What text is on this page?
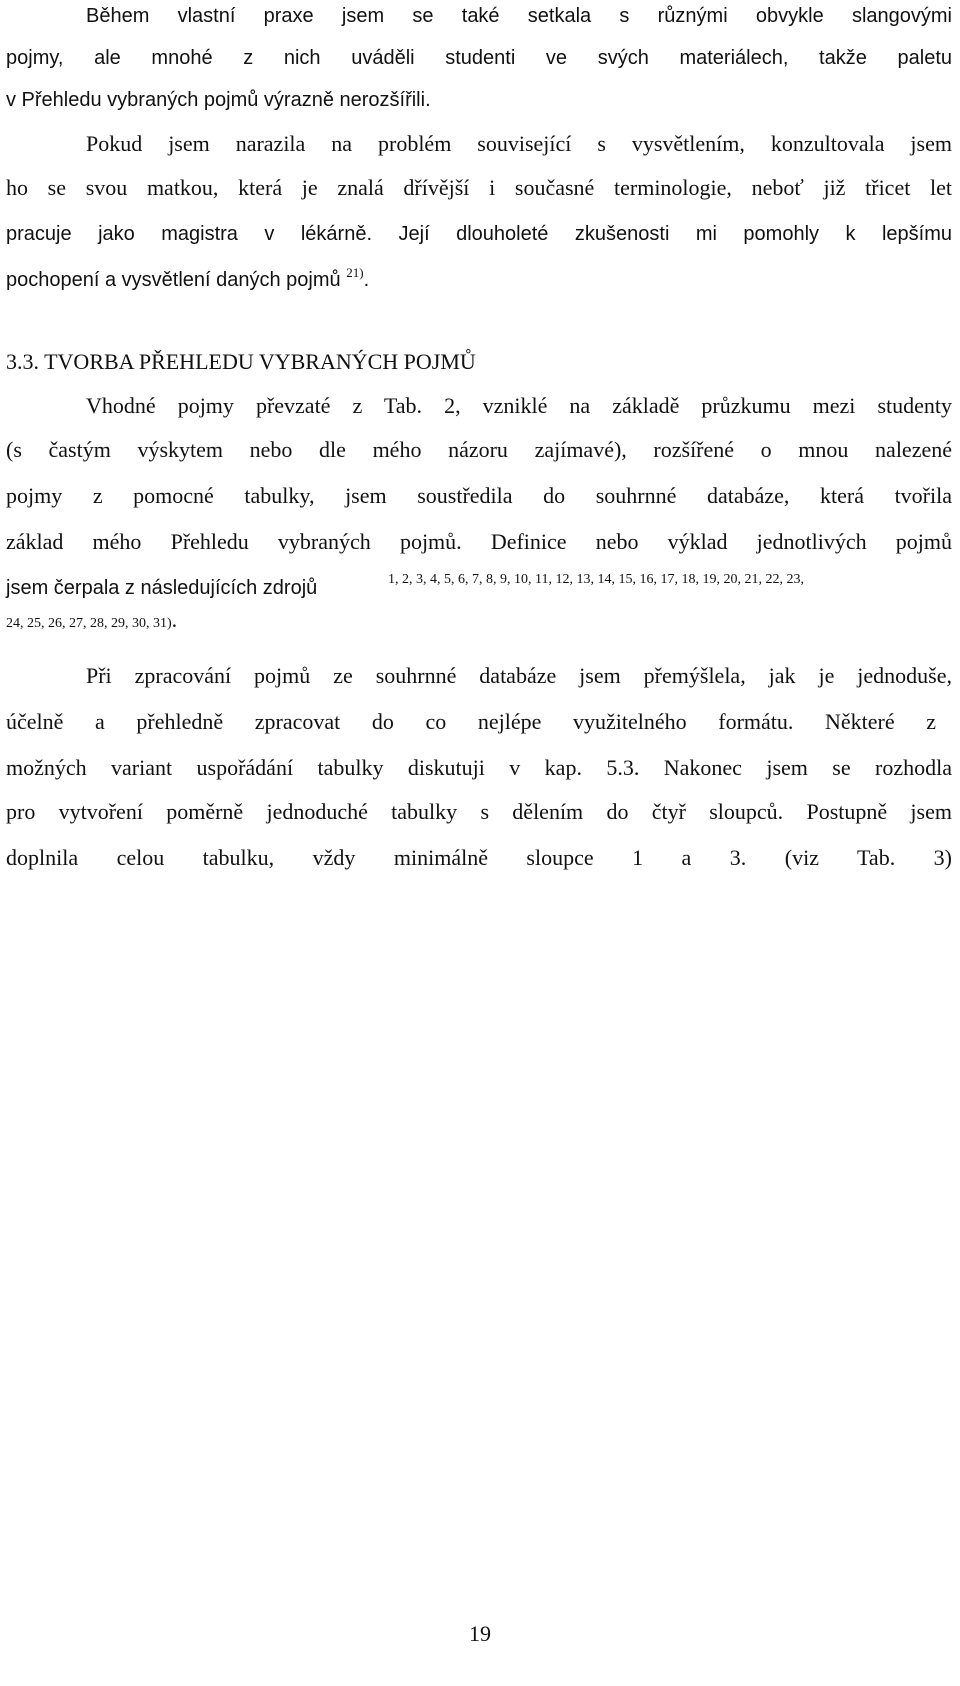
Během vlastní praxe jsem se také setkala s různými obvykle slangovými
pojmy, ale mnohé z nich uváděli studenti ve svých materiálech, takže paletu
v Přehledu vybraných pojmů výrazně nerozšířili.
Pokud jsem narazila na problém související s vysvětlením, konzultovala jsem
ho se svou matkou, která je znalá dřívější i současné terminologie, neboť již třicet let
pracuje jako magistra v lékárně. Její dlouholeté zkušenosti mi pomohly k lepšímu
pochopení a vysvětlení daných pojmů $^{21)}$.
3.3. TVORBA PŘEHLEDU VYBRANÝCH POJMŮ
Vhodné pojmy převzaté z Tab. 2, vzniklé na základě průzkumu mezi studenty
(s častým výskytem nebo dle mého názoru zajímavé), rozšířené o mnou nalezené
pojmy z pomocné tabulky, jsem soustředila do souhrnné databáze, která tvořila
základ mého Přehledu vybraných pojmů. Definice nebo výklad jednotlivých pojmů
jsem čerpala z následujících zdrojů	1, 2, 3, 4, 5, 6, 7, 8, 9, 10, 11, 12, 13, 14, 15, 16, 17, 18, 19, 20, 21, 22, 23,
24, 25, 26, 27, 28, 29, 30, 31).
Při zpracování pojmů ze souhrnné databáze jsem přemýšlela, jak je jednoduše,
účelně a přehledně zpracovat do co nejlépe využitelného formátu. Některé z
možných variant uspořádání tabulky diskutuji v kap. 5.3. Nakonec jsem se rozhodla
pro vytvoření poměrně jednoduché tabulky s dělením do čtyř sloupců. Postupně jsem
doplnila celou tabulku, vždy minimálně sloupce 1 a 3. (viz Tab. 3)
19
